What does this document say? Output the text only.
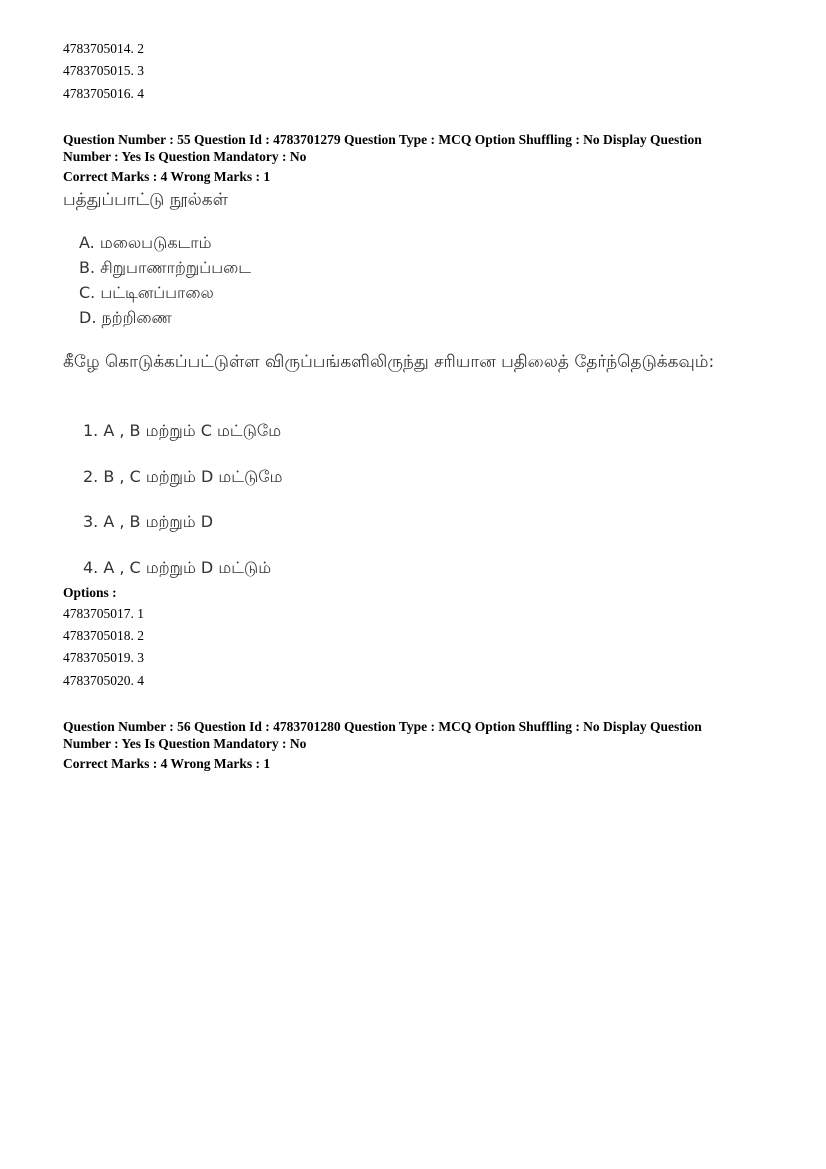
4783705014. 2
4783705015. 3
4783705016. 4
Question Number : 55 Question Id : 4783701279 Question Type : MCQ Option Shuffling : No Display Question
Number : Yes Is Question Mandatory : No
Correct Marks : 4 Wrong Marks : 1
பத்துப்பாட்டு நூல்கள்
A. மலைபடுகடாம்
B. சிறுபாணாற்றுப்படை
C. பட்டினப்பாலை
D. நற்றிணை
கீழே கொடுக்கப்பட்டுள்ள விருப்பங்களிலிருந்து சரியான பதிலைத் தேர்ந்தெடுக்கவும்:
1. A , B மற்றும் C மட்டுமே
2. B , C மற்றும் D மட்டுமே
3. A , B மற்றும் D
4. A , C மற்றும் D மட்டும்
Options :
4783705017. 1
4783705018. 2
4783705019. 3
4783705020. 4
Question Number : 56 Question Id : 4783701280 Question Type : MCQ Option Shuffling : No Display Question
Number : Yes Is Question Mandatory : No
Correct Marks : 4 Wrong Marks : 1
